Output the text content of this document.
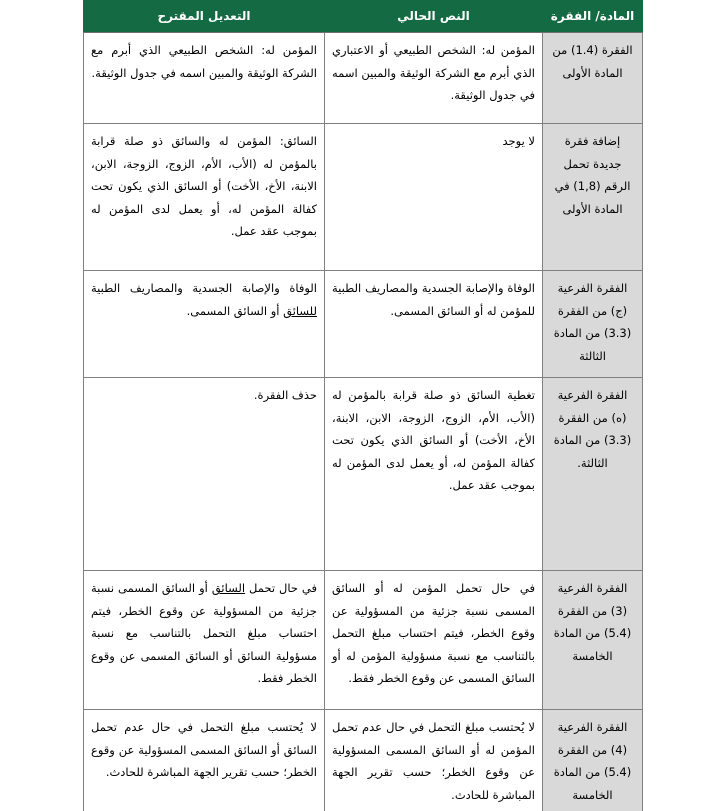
المادة/ الفقرة	النص الحالي	التعديل المقترح
الفقرة (1.4) من المادة الأولى	المؤمن له: الشخص الطبيعي أو الاعتباري الذي أبرم مع الشركة الوثيقة والمبين اسمه في جدول الوثيقة.	المؤمن له: الشخص الطبيعي الذي أبرم مع الشركة الوثيقة والمبين اسمه في جدول الوثيقة.
إضافة فقرة جديدة تحمل الرقم (1,8) في المادة الأولى	لا يوجد	السائق: المؤمن له والسائق ذو صلة قرابة بالمؤمن له (الأب، الأم، الزوج، الزوجة، الابن، الابنة، الأخ، الأخت) أو السائق الذي يكون تحت كفالة المؤمن له، أو يعمل لدى المؤمن له بموجب عقد عمل.
الفقرة الفرعية (ج) من الفقرة (3.3) من المادة الثالثة	الوفاة والإصابة الجسدية والمصاريف الطبية للمؤمن له أو السائق المسمى.	الوفاة والإصابة الجسدية والمصاريف الطبية للسائق أو السائق المسمى.
الفقرة الفرعية (ه) من الفقرة (3.3) من المادة الثالثة.	تغطية السائق ذو صلة قرابة بالمؤمن له (الأب، الأم، الزوج، الزوجة، الابن، الابنة، الأخ، الأخت) أو السائق الذي يكون تحت كفالة المؤمن له، أو يعمل لدى المؤمن له بموجب عقد عمل.	حذف الفقرة.
الفقرة الفرعية (3) من الفقرة (5.4) من المادة الخامسة	في حال تحمل المؤمن له أو السائق المسمى نسبة جزئية من المسؤولية عن وقوع الخطر، فيتم احتساب مبلغ التحمل بالتناسب مع نسبة مسؤولية المؤمن له أو السائق المسمى عن وقوع الخطر فقط.	في حال تحمل السائق أو السائق المسمى نسبة جزئية من المسؤولية عن وقوع الخطر، فيتم احتساب مبلغ التحمل بالتناسب مع نسبة مسؤولية السائق أو السائق المسمى عن وقوع الخطر فقط.
الفقرة الفرعية (4) من الفقرة (5.4) من المادة الخامسة	لا يُحتسب مبلغ التحمل في حال عدم تحمل المؤمن له أو السائق المسمى المسؤولية عن وقوع الخطر؛ حسب تقرير الجهة المباشرة للحادث.	لا يُحتسب مبلغ التحمل في حال عدم تحمل السائق أو السائق المسمى المسؤولية عن وقوع الخطر؛ حسب تقرير الجهة المباشرة للحادث.
